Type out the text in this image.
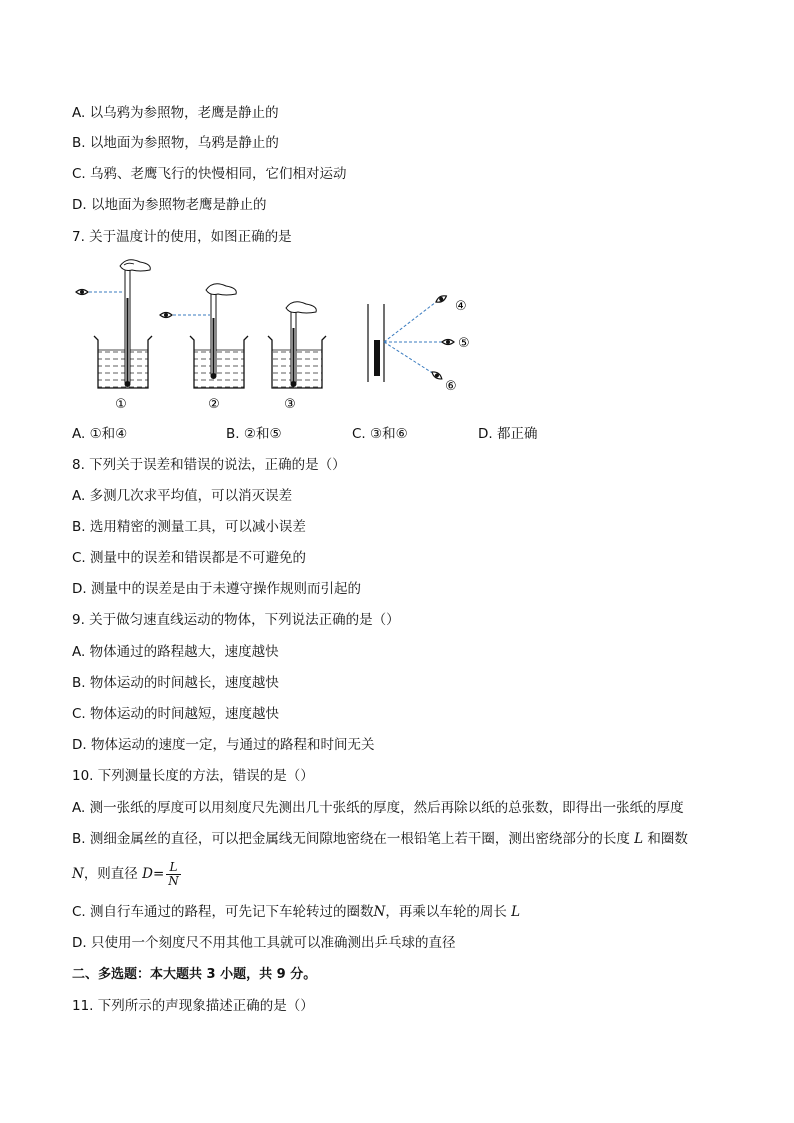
A. 以乌鸦为参照物，老鹰是静止的
B. 以地面为参照物，乌鸦是静止的
C. 乌鸦、老鹰飞行的快慢相同，它们相对运动
D. 以地面为参照物老鹰是静止的
7. 关于温度计的使用，如图正确的是
①	②	③
④
⑤
⑥
A. ①和④	B. ②和⑤	C. ③和⑥	D. 都正确
8. 下列关于误差和错误的说法，正确的是（）
A. 多测几次求平均值，可以消灭误差
B. 选用精密的测量工具，可以减小误差
C. 测量中的误差和错误都是不可避免的
D. 测量中的误差是由于未遵守操作规则而引起的
9. 关于做匀速直线运动的物体，下列说法正确的是（）
A. 物体通过的路程越大，速度越快
B. 物体运动的时间越长，速度越快
C. 物体运动的时间越短，速度越快
D. 物体运动的速度一定，与通过的路程和时间无关
10. 下列测量长度的方法，错误的是（）
A. 测一张纸的厚度可以用刻度尺先测出几十张纸的厚度，然后再除以纸的总张数，即得出一张纸的厚度
B. 测细金属丝的直径，可以把金属线无间隙地密绕在一根铅笔上若干圈，测出密绕部分的长度 L 和圈数
N，则直径 $D= \frac{L}{N}$
C. 测自行车通过的路程，可先记下车轮转过的圈数N，再乘以车轮的周长 L
D. 只使用一个刻度尺不用其他工具就可以准确测出乒乓球的直径
二、多选题：本大题共 3 小题，共 9 分。
11. 下列所示的声现象描述正确的是（）
